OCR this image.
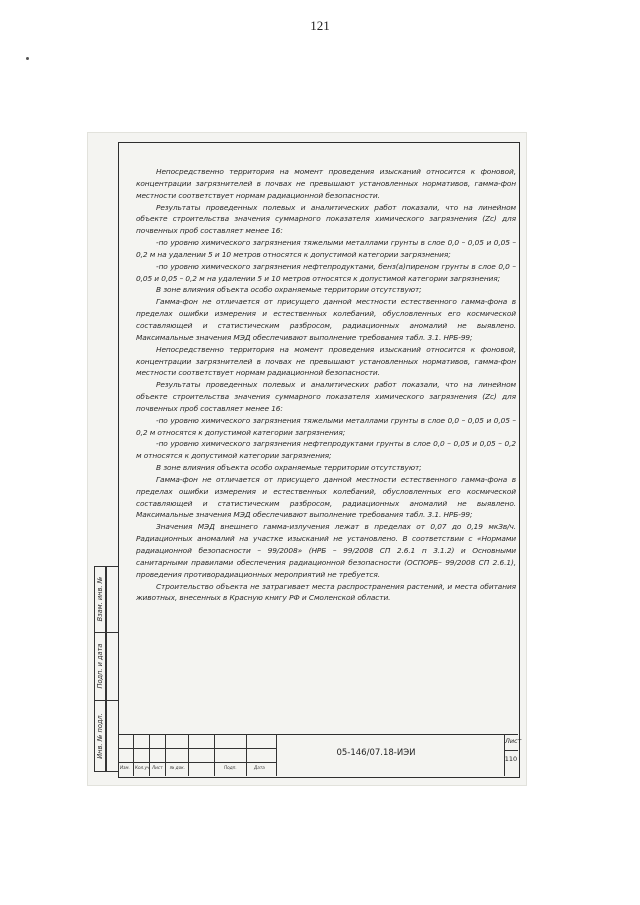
121

Непосредственно территория на момент проведения изысканий относится к фоновой, концентрации загрязнителей в почвах не превышают установленных нормативов, гамма-фон местности соответствует нормам радиационной безопасности.

Результаты проведенных полевых и аналитических работ показали, что на линейном объекте строительства значения суммарного показателя химического загрязнения (Zc) для почвенных проб составляет менее 16:

-по уровню химического загрязнения тяжелыми металлами грунты в слое 0,0 – 0,05 и 0,05 – 0,2 м на удалении 5 и 10 метров относятся к допустимой категории загрязнения;

-по уровню химического загрязнения нефтепродуктами, бенз(а)пиреном грунты в слое 0,0 – 0,05 и 0,05 – 0,2 м на удалении 5 и 10 метров относятся к допустимой категории загрязнения;

В зоне влияния объекта особо охраняемые территории отсутствуют;

Гамма-фон не отличается от присущего данной местности естественного гамма-фона в пределах ошибки измерения и естественных колебаний, обусловленных его космической составляющей и статистическим разбросом, радиационных аномалий не выявлено. Максимальные значения МЭД обеспечивают выполнение требования табл. 3.1. НРБ-99;

Непосредственно территория на момент проведения изысканий относится к фоновой, концентрации загрязнителей в почвах не превышают установленных нормативов, гамма-фон местности соответствует нормам радиационной безопасности.

Результаты проведенных полевых и аналитических работ показали, что на линейном объекте строительства значения суммарного показателя химического загрязнения (Zc) для почвенных проб составляет менее 16:

-по уровню химического загрязнения тяжелыми металлами грунты в слое 0,0 – 0,05 и 0,05 – 0,2 м относятся к допустимой категории загрязнения;

-по уровню химического загрязнения нефтепродуктами грунты в слое 0,0 – 0,05 и 0,05 – 0,2 м относятся к допустимой категории загрязнения;

В зоне влияния объекта особо охраняемые территории отсутствуют;

Гамма-фон не отличается от присущего данной местности естественного гамма-фона в пределах ошибки измерения и естественных колебаний, обусловленных его космической составляющей и статистическим разбросом, радиационных аномалий не выявлено. Максимальные значения МЭД обеспечивают выполнение требования табл. 3.1. НРБ-99;

Значения МЭД внешнего гамма-излучения лежат в пределах от 0,07 до 0,19 мкЗв/ч. Радиационных аномалий на участке изысканий не установлено. В соответствии с «Нормами радиационной безопасности – 99/2008» (НРБ – 99/2008 СП 2.6.1 п 3.1.2) и Основными санитарными правилами обеспечения радиационной безопасности (ОСПОРБ– 99/2008 СП 2.6.1), проведения противорадиационных мероприятий не требуется.

Строительство объекта не затрагивает места распространения растений, и места обитания животных, внесенных в Красную книгу РФ и Смоленской области.

Взам. инв. №
Подп. и дата
Инв. № подл.
Изм. Кол.уч Лист № док.	Подп.	Дата
05-146/07.18-ИЭИ
Лист
110
